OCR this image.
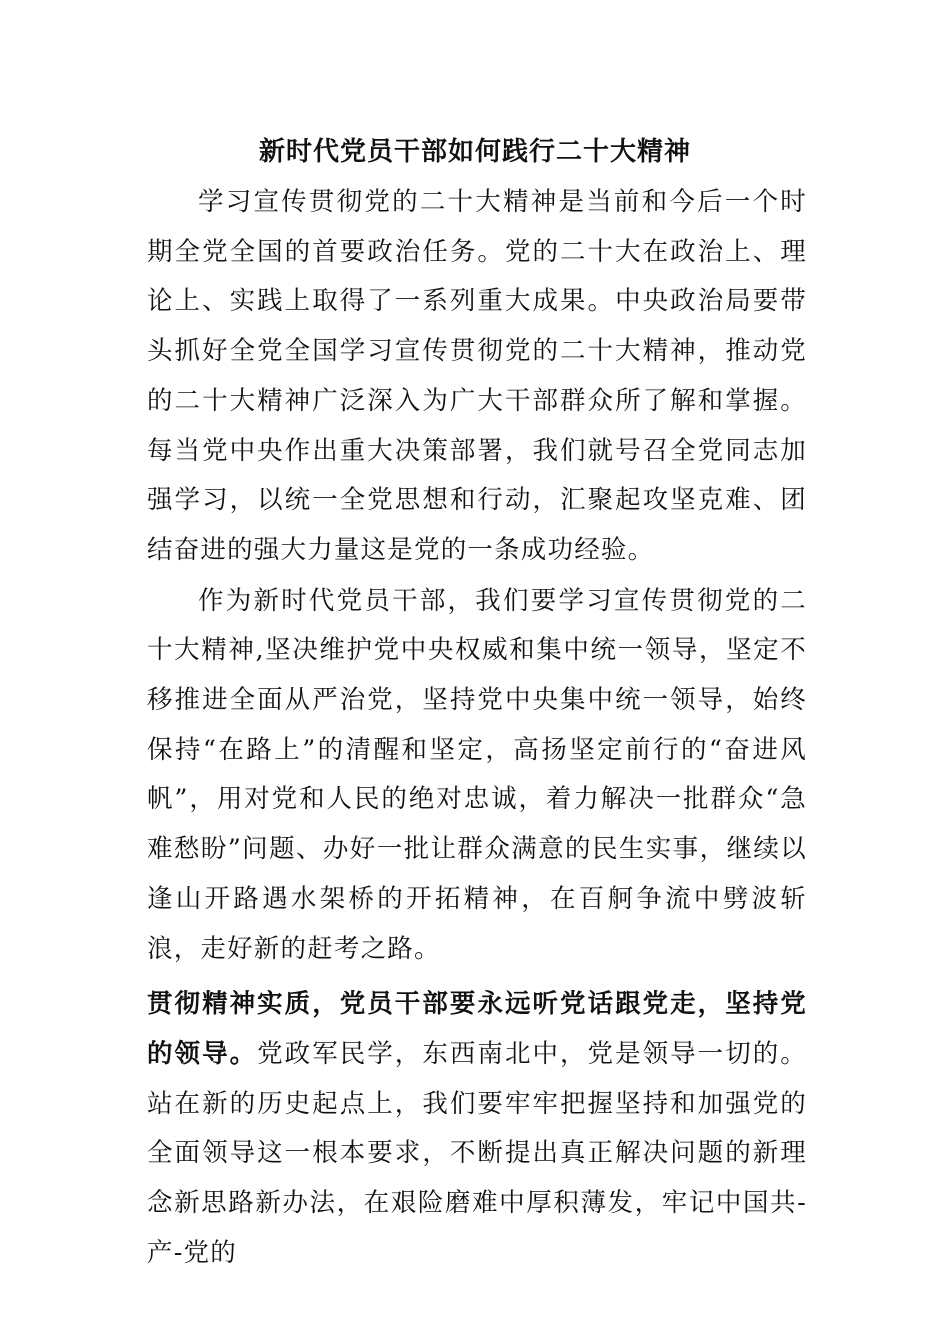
新时代党员干部如何践行二十大精神

学习宣传贯彻党的二十大精神是当前和今后一个时期全党全国的首要政治任务。党的二十大在政治上、理论上、实践上取得了一系列重大成果。中央政治局要带头抓好全党全国学习宣传贯彻党的二十大精神，推动党的二十大精神广泛深入为广大干部群众所了解和掌握。每当党中央作出重大决策部署，我们就号召全党同志加强学习，以统一全党思想和行动，汇聚起攻坚克难、团结奋进的强大力量这是党的一条成功经验。

作为新时代党员干部，我们要学习宣传贯彻党的二十大精神,坚决维护党中央权威和集中统一领导，坚定不移推进全面从严治党，坚持党中央集中统一领导，始终保持“在路上”的清醒和坚定，高扬坚定前行的“奋进风帆”，用对党和人民的绝对忠诚，着力解决一批群众“急难愁盼”问题、办好一批让群众满意的民生实事，继续以逢山开路遇水架桥的开拓精神，在百舸争流中劈波斩浪，走好新的赶考之路。

贯彻精神实质，党员干部要永远听党话跟党走，坚持党的领导。党政军民学，东西南北中，党是领导一切的。站在新的历史起点上，我们要牢牢把握坚持和加强党的全面领导这一根本要求，不断提出真正解决问题的新理念新思路新办法，在艰险磨难中厚积薄发，牢记中国共-产-党的
